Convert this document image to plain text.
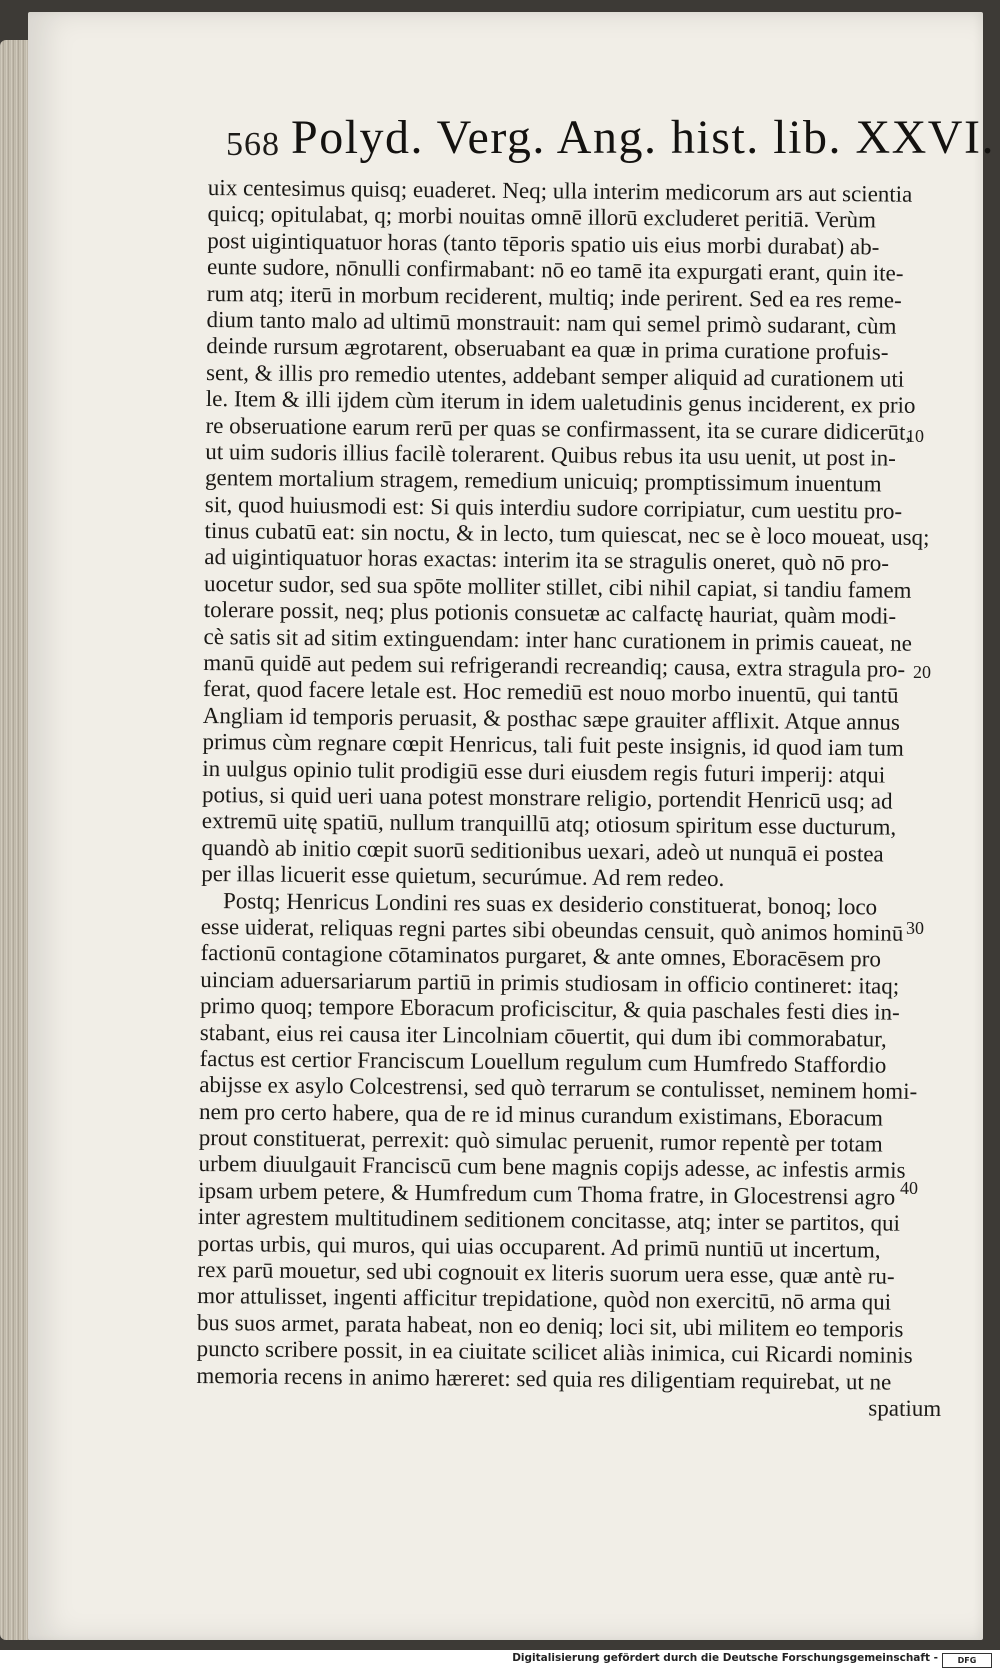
568 Polyd. Verg. Ang. hist. lib. XXVI.
uix centesimus quisq; euaderet. Neq; ulla interim medicorum ars aut scientia
quicq; opitulabat, q; morbi nouitas omnē illorū excluderet peritiā. Verùm
post uigintiquatuor horas (tanto tēporis spatio uis eius morbi durabat) ab-
eunte sudore, nōnulli confirmabant: nō eo tamē ita expurgati erant, quin ite-
rum atq; iterū in morbum reciderent, multiq; inde perirent. Sed ea res reme-
dium tanto malo ad ultimū monstrauit: nam qui semel primò sudarant, cùm
deinde rursum ægrotarent, obseruabant ea quæ in prima curatione profuis-
sent, & illis pro remedio utentes, addebant semper aliquid ad curationem uti
le. Item & illi ijdem cùm iterum in idem ualetudinis genus inciderent, ex prio
re obseruatione earum rerū per quas se confirmassent, ita se curare didicerūt,
ut uim sudoris illius facilè tolerarent. Quibus rebus ita usu uenit, ut post in-
gentem mortalium stragem, remedium unicuiq; promptissimum inuentum
sit, quod huiusmodi est: Si quis interdiu sudore corripiatur, cum uestitu pro-
tinus cubatū eat: sin noctu, & in lecto, tum quiescat, nec se è loco moueat, usq;
ad uigintiquatuor horas exactas: interim ita se stragulis oneret, quò nō pro-
uocetur sudor, sed sua spōte molliter stillet, cibi nihil capiat, si tandiu famem
tolerare possit, neq; plus potionis consuetæ ac calfactę hauriat, quàm modi-
cè satis sit ad sitim extinguendam: inter hanc curationem in primis caueat, ne
manū quidē aut pedem sui refrigerandi recreandiq; causa, extra stragula pro-
ferat, quod facere letale est. Hoc remediū est nouo morbo inuentū, qui tantū
Angliam id temporis peruasit, & posthac sæpe grauiter afflixit. Atque annus
primus cùm regnare cœpit Henricus, tali fuit peste insignis, id quod iam tum
in uulgus opinio tulit prodigiū esse duri eiusdem regis futuri imperij: atqui
potius, si quid ueri uana potest monstrare religio, portendit Henricū usq; ad
extremū uitę spatiū, nullum tranquillū atq; otiosum spiritum esse ducturum,
quandò ab initio cœpit suorū seditionibus uexari, adeò ut nunquā ei postea
per illas licuerit esse quietum, securúmue. Ad rem redeo.
Postq; Henricus Londini res suas ex desiderio constituerat, bonoq; loco
esse uiderat, reliquas regni partes sibi obeundas censuit, quò animos hominū
factionū contagione cōtaminatos purgaret, & ante omnes, Eboracēsem pro
uinciam aduersariarum partiū in primis studiosam in officio contineret: itaq;
primo quoq; tempore Eboracum proficiscitur, & quia paschales festi dies in-
stabant, eius rei causa iter Lincolniam cōuertit, qui dum ibi commorabatur,
factus est certior Franciscum Louellum regulum cum Humfredo Staffordio
abijsse ex asylo Colcestrensi, sed quò terrarum se contulisset, neminem homi-
nem pro certo habere, qua de re id minus curandum existimans, Eboracum
prout constituerat, perrexit: quò simulac peruenit, rumor repentè per totam
urbem diuulgauit Franciscū cum bene magnis copijs adesse, ac infestis armis
ipsam urbem petere, & Humfredum cum Thoma fratre, in Glocestrensi agro
inter agrestem multitudinem seditionem concitasse, atq; inter se partitos, qui
portas urbis, qui muros, qui uias occuparent. Ad primū nuntiū ut incertum,
rex parū mouetur, sed ubi cognouit ex literis suorum uera esse, quæ antè ru-
mor attulisset, ingenti afficitur trepidatione, quòd non exercitū, nō arma qui
bus suos armet, parata habeat, non eo deniq; loci sit, ubi militem eo temporis
puncto scribere possit, in ea ciuitate scilicet aliàs inimica, cui Ricardi nominis
memoria recens in animo hæreret: sed quia res diligentiam requirebat, ut ne
spatium
10
20
30
40
Digitalisierung gefördert durch die Deutsche Forschungsgemeinschaft -	DFG
